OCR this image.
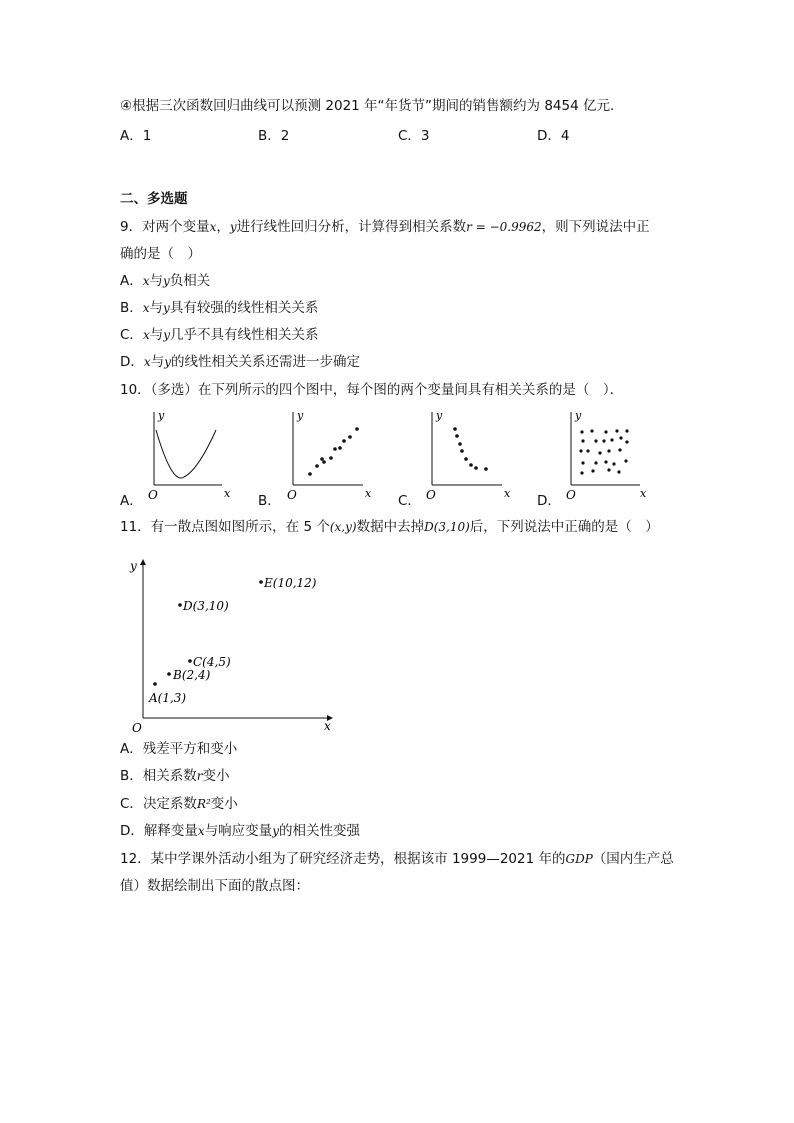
④根据三次函数回归曲线可以预测 2021 年“年货节”期间的销售额约为 8454 亿元．
A．1	B．2	C．3	D．4
二、多选题
9．对两个变量x，y进行线性回归分析，计算得到相关系数r = −0.9962，则下列说法中正
确的是（　）
A．x与y负相关
B．x与y具有较强的线性相关关系
C．x与y几乎不具有线性相关关系
D．x与y的线性相关关系还需进一步确定
10．（多选）在下列所示的四个图中，每个图的两个变量间具有相关关系的是（　）．
A．	B．	C．	D．
y
O	x
y
O	x
y
O	x
y
O	x
11．有一散点图如图所示，在 5 个(x,y)数据中去掉D(3,10)后，下列说法中正确的是（　）
y
x
O
A(1,3)
B(2,4)
C(4,5)
D(3,10)
E(10,12)
A．残差平方和变小
B．相关系数r变小
C．决定系数R²变小
D．解释变量x与响应变量y的相关性变强
12．某中学课外活动小组为了研究经济走势，根据该市 1999—2021 年的GDP（国内生产总
值）数据绘制出下面的散点图：
